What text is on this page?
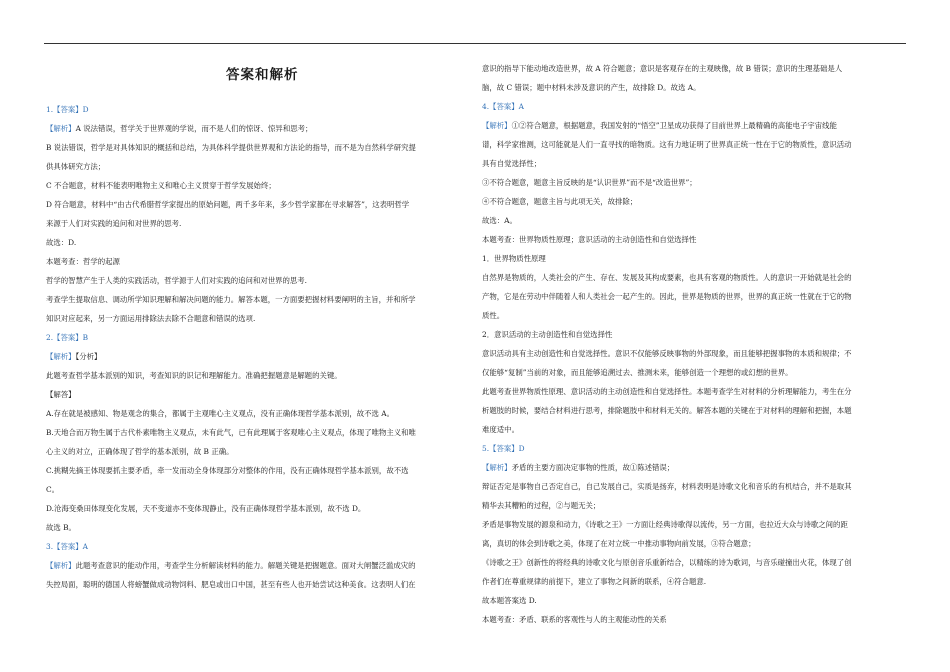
答案和解析
1.【答案】D
【解析】A 说法错误，哲学关于世界观的学说，而不是人们的惊讶、惊异和思考；
B 说法错误，哲学是对具体知识的概括和总结，为具体科学提供世界观和方法论的指导，而不是为自然科学研究提
供具体研究方法；
C 不合题意，材料不能表明唯物主义和唯心主义贯穿于哲学发展始终；
D 符合题意，材料中“由古代希腊哲学家提出的原始问题，两千多年来，多少哲学家都在寻求解答”，这表明哲学
来源于人们对实践的追问和对世界的思考.
故选：D.
本题考查：哲学的起源
哲学的智慧产生于人类的实践活动，哲学源于人们对实践的追问和对世界的思考.
考查学生提取信息、调动所学知识理解和解决问题的能力。解答本题，一方面要把握材料要阐明的主旨，并和所学
知识对应起来，另一方面运用排除法去除不合题意和错误的选项.
2.【答案】B
【解析】【分析】
此题考查哲学基本派别的知识，考查知识的识记和理解能力。准确把握题意是解题的关键。
【解答】
A.存在就是被感知、物是观念的集合，都属于主观唯心主义观点，没有正确体现哲学基本派别，故不选 A。
B.天地合而万物生属于古代朴素唯物主义观点，未有此气，已有此理属于客观唯心主义观点，体现了唯物主义和唯
心主义的对立，正确体现了哲学的基本派别，故 B 正确。
C.挑糊先摘王体现要抓主要矛盾，牵一发而动全身体现部分对整体的作用，没有正确体现哲学基本派别，故不选
C。
D.沧海变桑田体现变化发展，天不变道亦不变体现静止，没有正确体现哲学基本派别，故不选 D。
故选 B。
3.【答案】A
【解析】此题考查意识的能动作用，考查学生分析解读材料的能力。解题关键是把握题意。面对大闸蟹泛滥成灾的
失控局面，聪明的德国人将螃蟹做成动物饲料、肥皂或出口中国，甚至有些人也开始尝试这种美食。这表明人们在
意识的指导下能动地改造世界，故 A 符合题意；意识是客观存在的主观映像，故 B 错误；意识的生理基础是人
脑，故 C 错误；题中材料未涉及意识的产生，故排除 D。故选 A。
4.【答案】A
【解析】①②符合题意，根据题意，我国发射的“悟空”卫星成功获得了目前世界上最精确的高能电子宇宙线能
谱，科学家推测，这可能就是人们一直寻找的暗物质。这有力地证明了世界真正统一性在于它的物质性，意识活动
具有自觉选择性；
③不符合题意，题意主旨反映的是“认识世界”而不是“改造世界”；
④不符合题意，题意主旨与此项无关，故排除；
故选：A。
本题考查：世界物质性原理；意识活动的主动创造性和自觉选择性
1．世界物质性原理
自然界是物质的，人类社会的产生、存在、发展及其构成要素，也具有客观的物质性。人的意识一开始就是社会的
产物，它是在劳动中伴随着人和人类社会一起产生的。因此，世界是物质的世界，世界的真正统一性就在于它的物
质性。
2．意识活动的主动创造性和自觉选择性
意识活动具有主动创造性和自觉选择性。意识不仅能够反映事物的外部现象，而且能够把握事物的本质和规律；不
仅能够“复制”当前的对象，而且能够追溯过去、推测未来，能够创造一个理想的或幻想的世界。
此题考查世界物质性原理、意识活动的主动创造性和自觉选择性。本题考查学生对材料的分析理解能力，考生在分
析题肢的时候，要结合材料进行思考，排除题肢中和材料无关的。解答本题的关键在于对材料的理解和把握，本题
难度适中。
5.【答案】D
【解析】矛盾的主要方面决定事物的性质，故①陈述错误；
辩证否定是事物自己否定自己，自己发展自己，实质是扬弃，材料表明是诗歌文化和音乐的有机结合，并不是取其
精华去其糟粕的过程，②与题无关；
矛盾是事物发展的源泉和动力，《诗歌之王》一方面让经典诗歌得以流传，另一方面，也拉近大众与诗歌之间的距
离，真切的体会到诗歌之美，体现了在对立统一中推动事物向前发展，③符合题意；
《诗歌之王》创新性的将经典的诗歌文化与原创音乐重新结合，以精练的诗为歌词，与音乐碰撞出火花，体现了创
作者们在尊重规律的前提下，建立了事物之间新的联系，④符合题意.
故本题答案选 D.
本题考查：矛盾、联系的客观性与人的主观能动性的关系
